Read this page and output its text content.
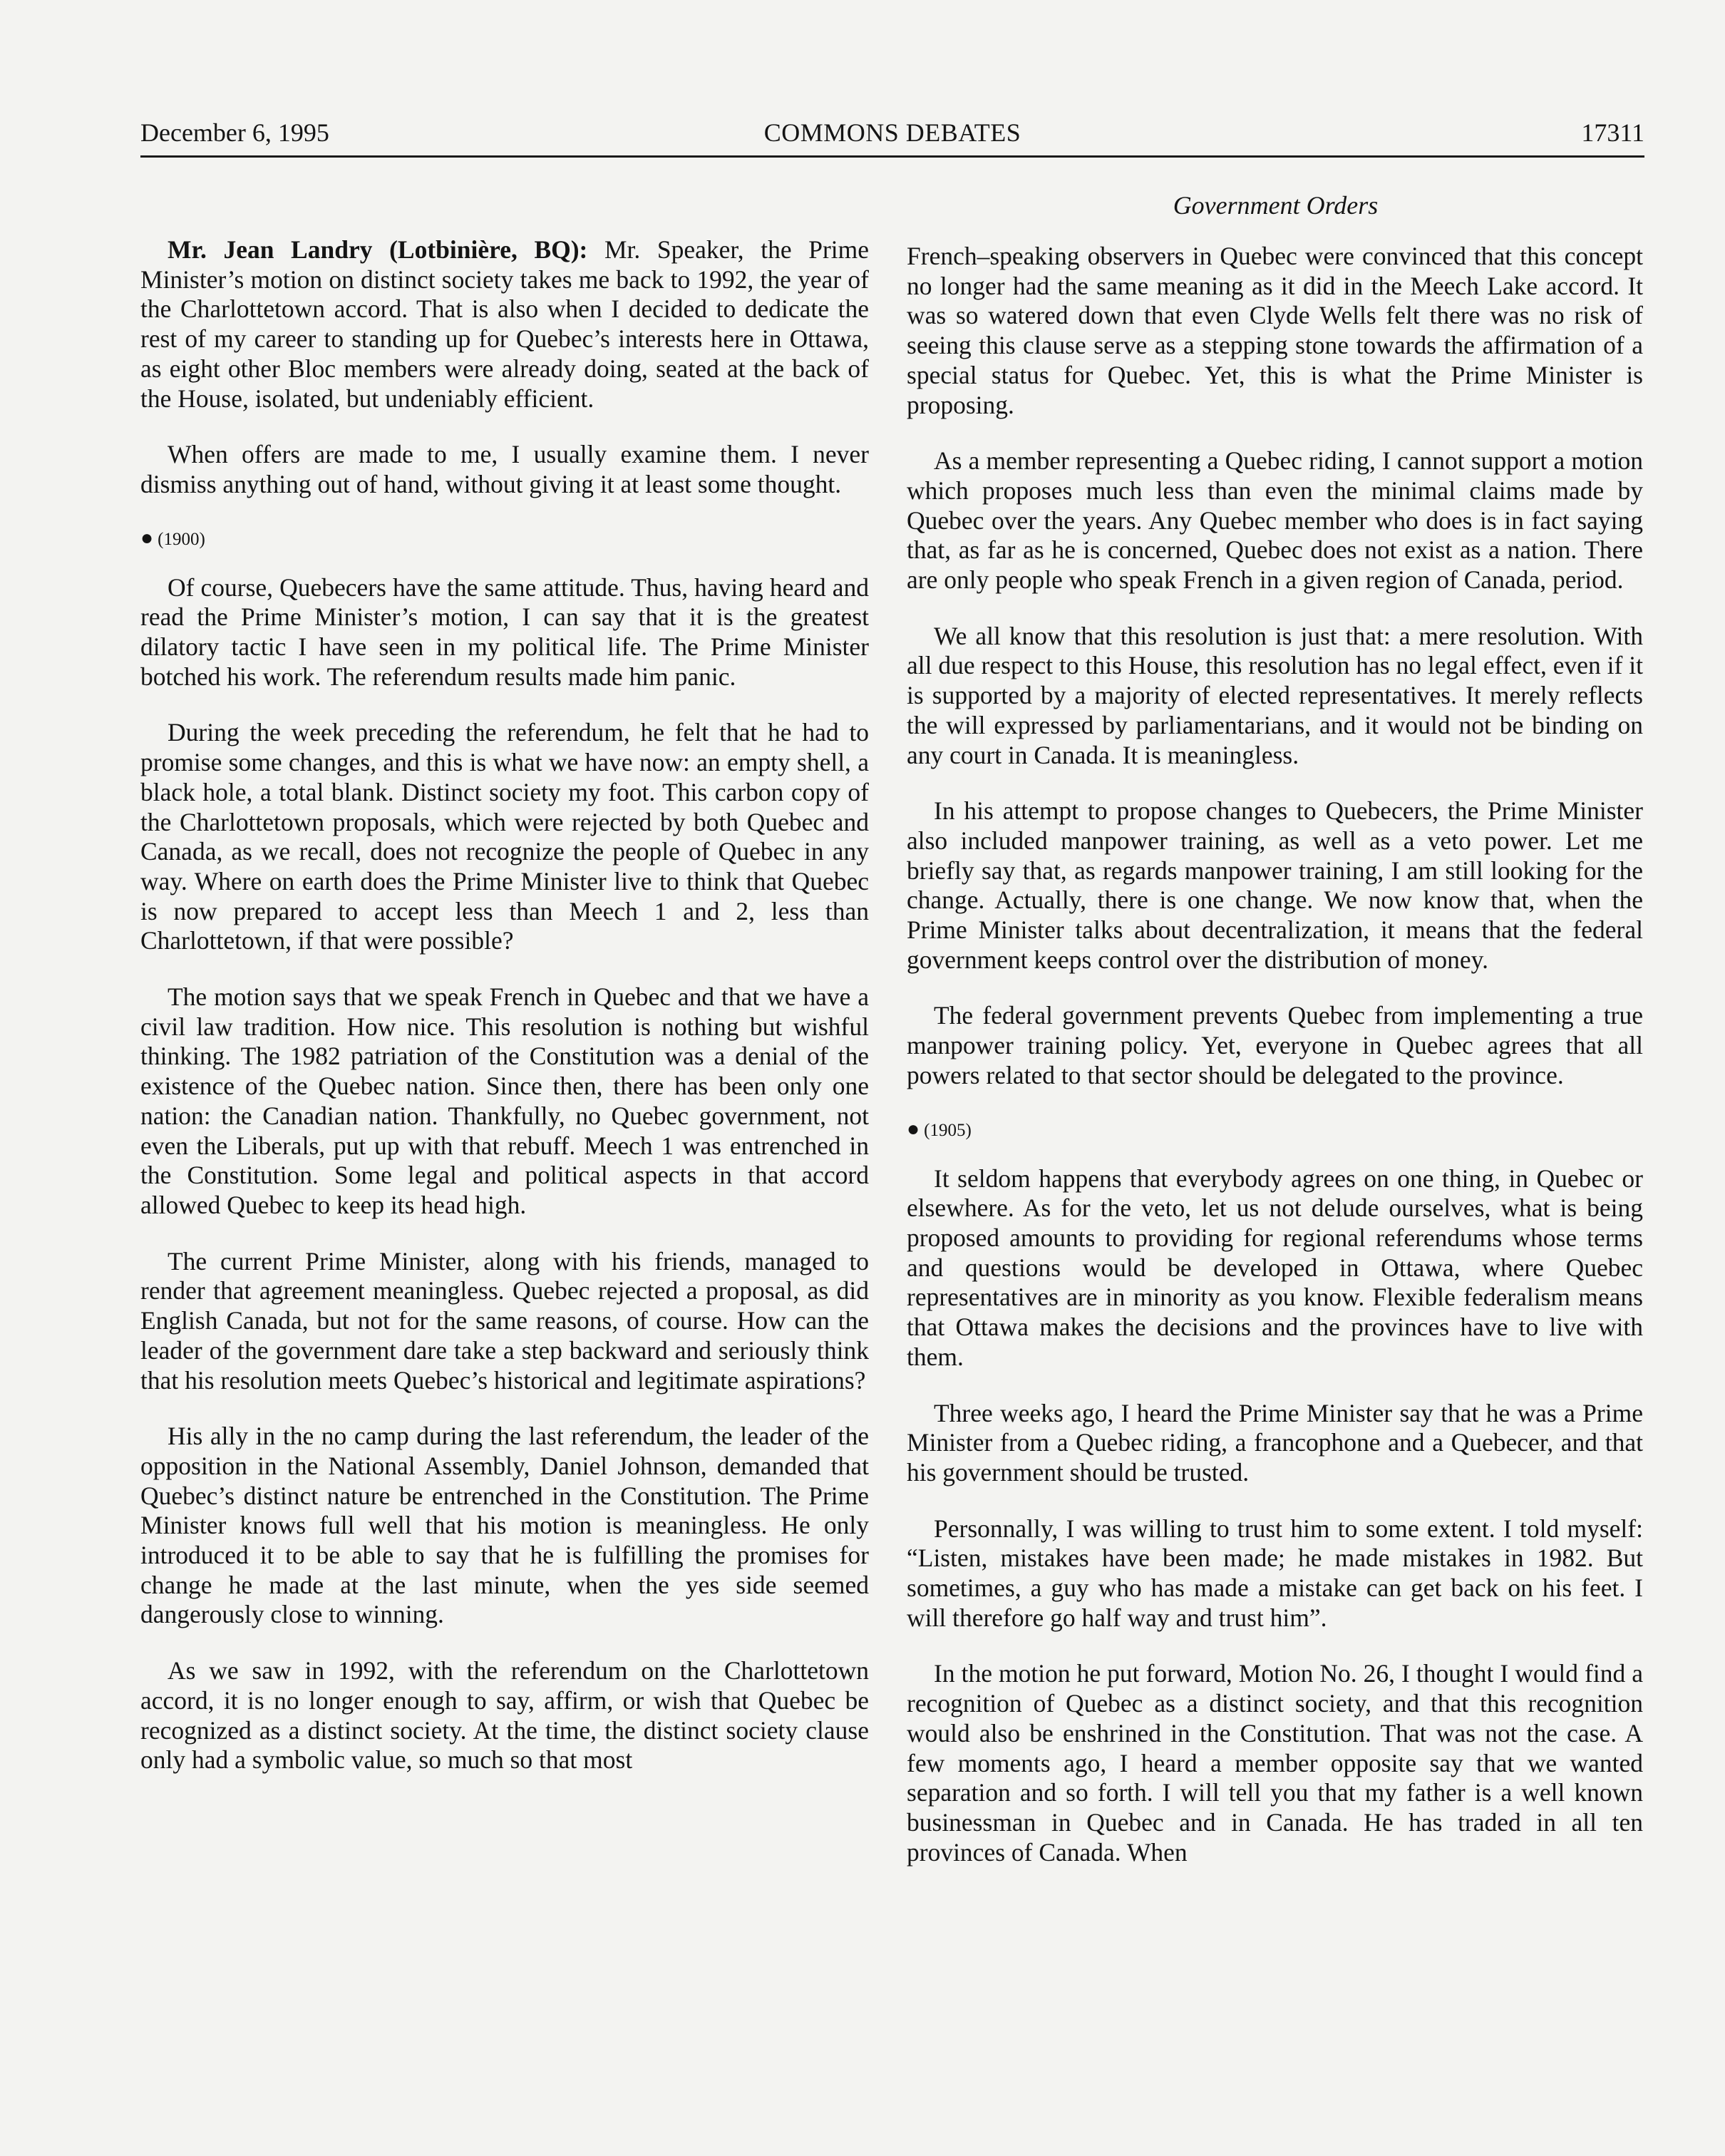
December 6, 1995	COMMONS DEBATES	17311
Government Orders

Mr. Jean Landry (Lotbinière, BQ): Mr. Speaker, the Prime Minister’s motion on distinct society takes me back to 1992, the year of the Charlottetown accord. That is also when I decided to dedicate the rest of my career to standing up for Quebec’s interests here in Ottawa, as eight other Bloc members were already doing, seated at the back of the House, isolated, but undeniably efficient.

When offers are made to me, I usually examine them. I never dismiss anything out of hand, without giving it at least some thought.

● (1900)

Of course, Quebecers have the same attitude. Thus, having heard and read the Prime Minister’s motion, I can say that it is the greatest dilatory tactic I have seen in my political life. The Prime Minister botched his work. The referendum results made him panic.

During the week preceding the referendum, he felt that he had to promise some changes, and this is what we have now: an empty shell, a black hole, a total blank. Distinct society my foot. This carbon copy of the Charlottetown proposals, which were rejected by both Quebec and Canada, as we recall, does not recognize the people of Quebec in any way. Where on earth does the Prime Minister live to think that Quebec is now prepared to accept less than Meech 1 and 2, less than Charlottetown, if that were possible?

The motion says that we speak French in Quebec and that we have a civil law tradition. How nice. This resolution is nothing but wishful thinking. The 1982 patriation of the Constitution was a denial of the existence of the Quebec nation. Since then, there has been only one nation: the Canadian nation. Thankfully, no Quebec government, not even the Liberals, put up with that rebuff. Meech 1 was entrenched in the Constitution. Some legal and political aspects in that accord allowed Quebec to keep its head high.

The current Prime Minister, along with his friends, managed to render that agreement meaningless. Quebec rejected a proposal, as did English Canada, but not for the same reasons, of course. How can the leader of the government dare take a step backward and seriously think that his resolution meets Quebec’s historical and legitimate aspirations?

His ally in the no camp during the last referendum, the leader of the opposition in the National Assembly, Daniel Johnson, demanded that Quebec’s distinct nature be entrenched in the Constitution. The Prime Minister knows full well that his motion is meaningless. He only introduced it to be able to say that he is fulfilling the promises for change he made at the last minute, when the yes side seemed dangerously close to winning.

As we saw in 1992, with the referendum on the Charlottetown accord, it is no longer enough to say, affirm, or wish that Quebec be recognized as a distinct society. At the time, the distinct society clause only had a symbolic value, so much so that most

French–speaking observers in Quebec were convinced that this concept no longer had the same meaning as it did in the Meech Lake accord. It was so watered down that even Clyde Wells felt there was no risk of seeing this clause serve as a stepping stone towards the affirmation of a special status for Quebec. Yet, this is what the Prime Minister is proposing.

As a member representing a Quebec riding, I cannot support a motion which proposes much less than even the minimal claims made by Quebec over the years. Any Quebec member who does is in fact saying that, as far as he is concerned, Quebec does not exist as a nation. There are only people who speak French in a given region of Canada, period.

We all know that this resolution is just that: a mere resolution. With all due respect to this House, this resolution has no legal effect, even if it is supported by a majority of elected representatives. It merely reflects the will expressed by parliamentarians, and it would not be binding on any court in Canada. It is meaningless.

In his attempt to propose changes to Quebecers, the Prime Minister also included manpower training, as well as a veto power. Let me briefly say that, as regards manpower training, I am still looking for the change. Actually, there is one change. We now know that, when the Prime Minister talks about decentralization, it means that the federal government keeps control over the distribution of money.

The federal government prevents Quebec from implementing a true manpower training policy. Yet, everyone in Quebec agrees that all powers related to that sector should be delegated to the province.

● (1905)

It seldom happens that everybody agrees on one thing, in Quebec or elsewhere. As for the veto, let us not delude ourselves, what is being proposed amounts to providing for regional referendums whose terms and questions would be developed in Ottawa, where Quebec representatives are in minority as you know. Flexible federalism means that Ottawa makes the decisions and the provinces have to live with them.

Three weeks ago, I heard the Prime Minister say that he was a Prime Minister from a Quebec riding, a francophone and a Quebecer, and that his government should be trusted.

Personnally, I was willing to trust him to some extent. I told myself: “Listen, mistakes have been made; he made mistakes in 1982. But sometimes, a guy who has made a mistake can get back on his feet. I will therefore go half way and trust him”.

In the motion he put forward, Motion No. 26, I thought I would find a recognition of Quebec as a distinct society, and that this recognition would also be enshrined in the Constitution. That was not the case. A few moments ago, I heard a member opposite say that we wanted separation and so forth. I will tell you that my father is a well known businessman in Quebec and in Canada. He has traded in all ten provinces of Canada. When
